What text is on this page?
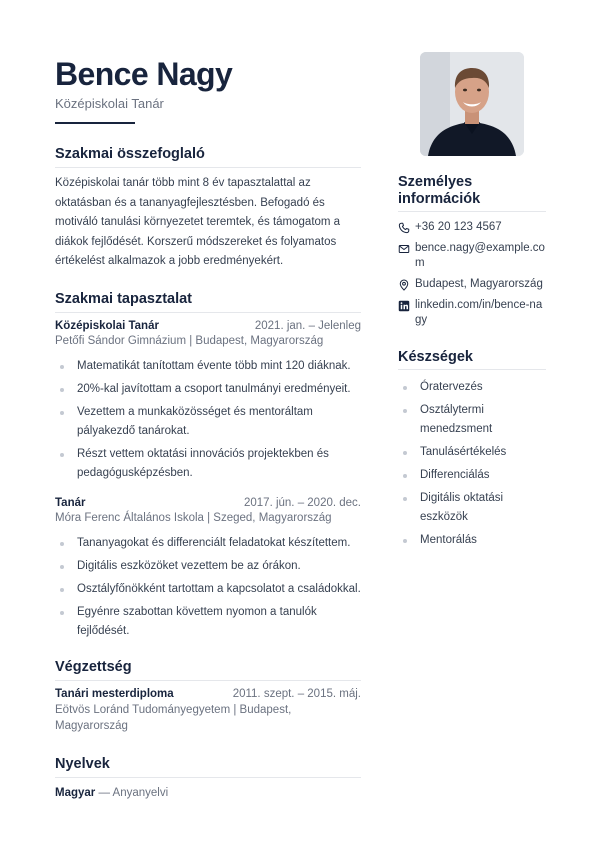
Bence Nagy
Középiskolai Tanár
Szakmai összefoglaló

Középiskolai tanár több mint 8 év tapasztalattal az oktatásban és a tananyagfejlesztésben. Befogadó és motiváló tanulási környezetet teremtek, és támogatom a diákok fejlődését. Korszerű módszereket és folyamatos értékelést alkalmazok a jobb eredményekért.

Szakmai tapasztalat
Középiskolai Tanár	2021. jan. – Jelenleg
Petőfi Sándor Gimnázium | Budapest, Magyarország
Matematikát tanítottam évente több mint 120 diáknak.
20%-kal javítottam a csoport tanulmányi eredményeit.
Vezettem a munkaközösséget és mentoráltam pályakezdő tanárokat.
Részt vettem oktatási innovációs projektekben és pedagógusképzésben.
Tanár	2017. jún. – 2020. dec.
Móra Ferenc Általános Iskola | Szeged, Magyarország
Tananyagokat és differenciált feladatokat készítettem.
Digitális eszközöket vezettem be az órákon.
Osztályfőnökként tartottam a kapcsolatot a családokkal.
Egyénre szabottan követtem nyomon a tanulók fejlődését.
Végzettség
Tanári mesterdiploma	2011. szept. – 2015. máj.
Eötvös Loránd Tudományegyetem | Budapest, Magyarország
Nyelvek
Magyar — Anyanyelvi
Személyes információk
+36 20 123 4567
bence.nagy@example.com
Budapest, Magyarország
linkedin.com/in/bence-nagy
Készségek
Óratervezés
Osztálytermi menedzsment
Tanulásértékelés
Differenciálás
Digitális oktatási eszközök
Mentorálás
